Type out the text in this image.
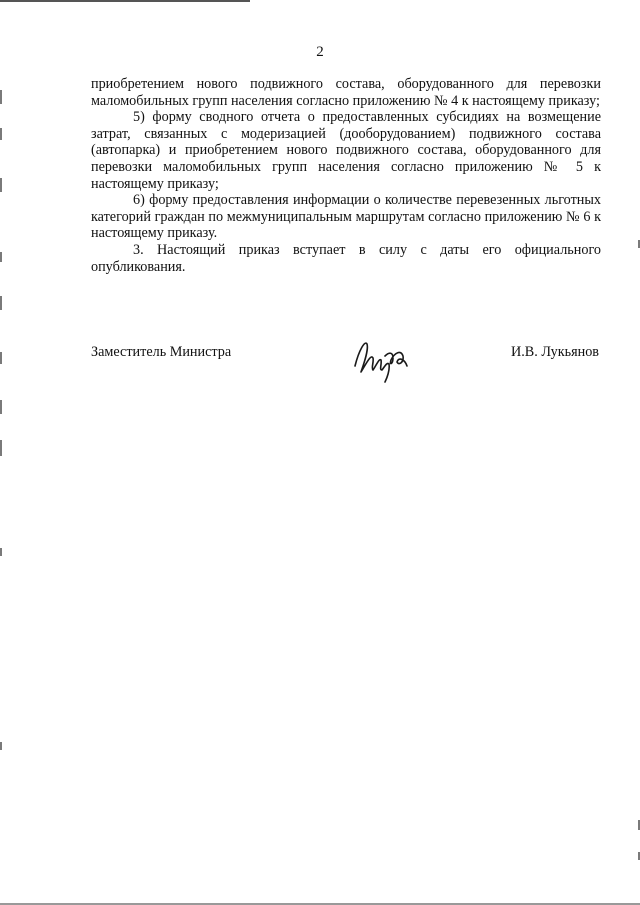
2

приобретением нового подвижного состава, оборудованного для перевозки маломобильных групп населения согласно приложению № 4 к настоящему приказу;

5) форму сводного отчета о предоставленных субсидиях на возмещение затрат, связанных с модеризацией (дооборудованием) подвижного состава (автопарка) и приобретением нового подвижного состава, оборудованного для перевозки маломобильных групп населения согласно приложению № 5 к настоящему приказу;

6) форму предоставления информации о количестве перевезенных льготных категорий граждан по межмуниципальным маршрутам согласно приложению № 6 к настоящему приказу.

3. Настоящий приказ вступает в силу с даты его официального опубликования.

Заместитель Министра	И.В. Лукьянов
